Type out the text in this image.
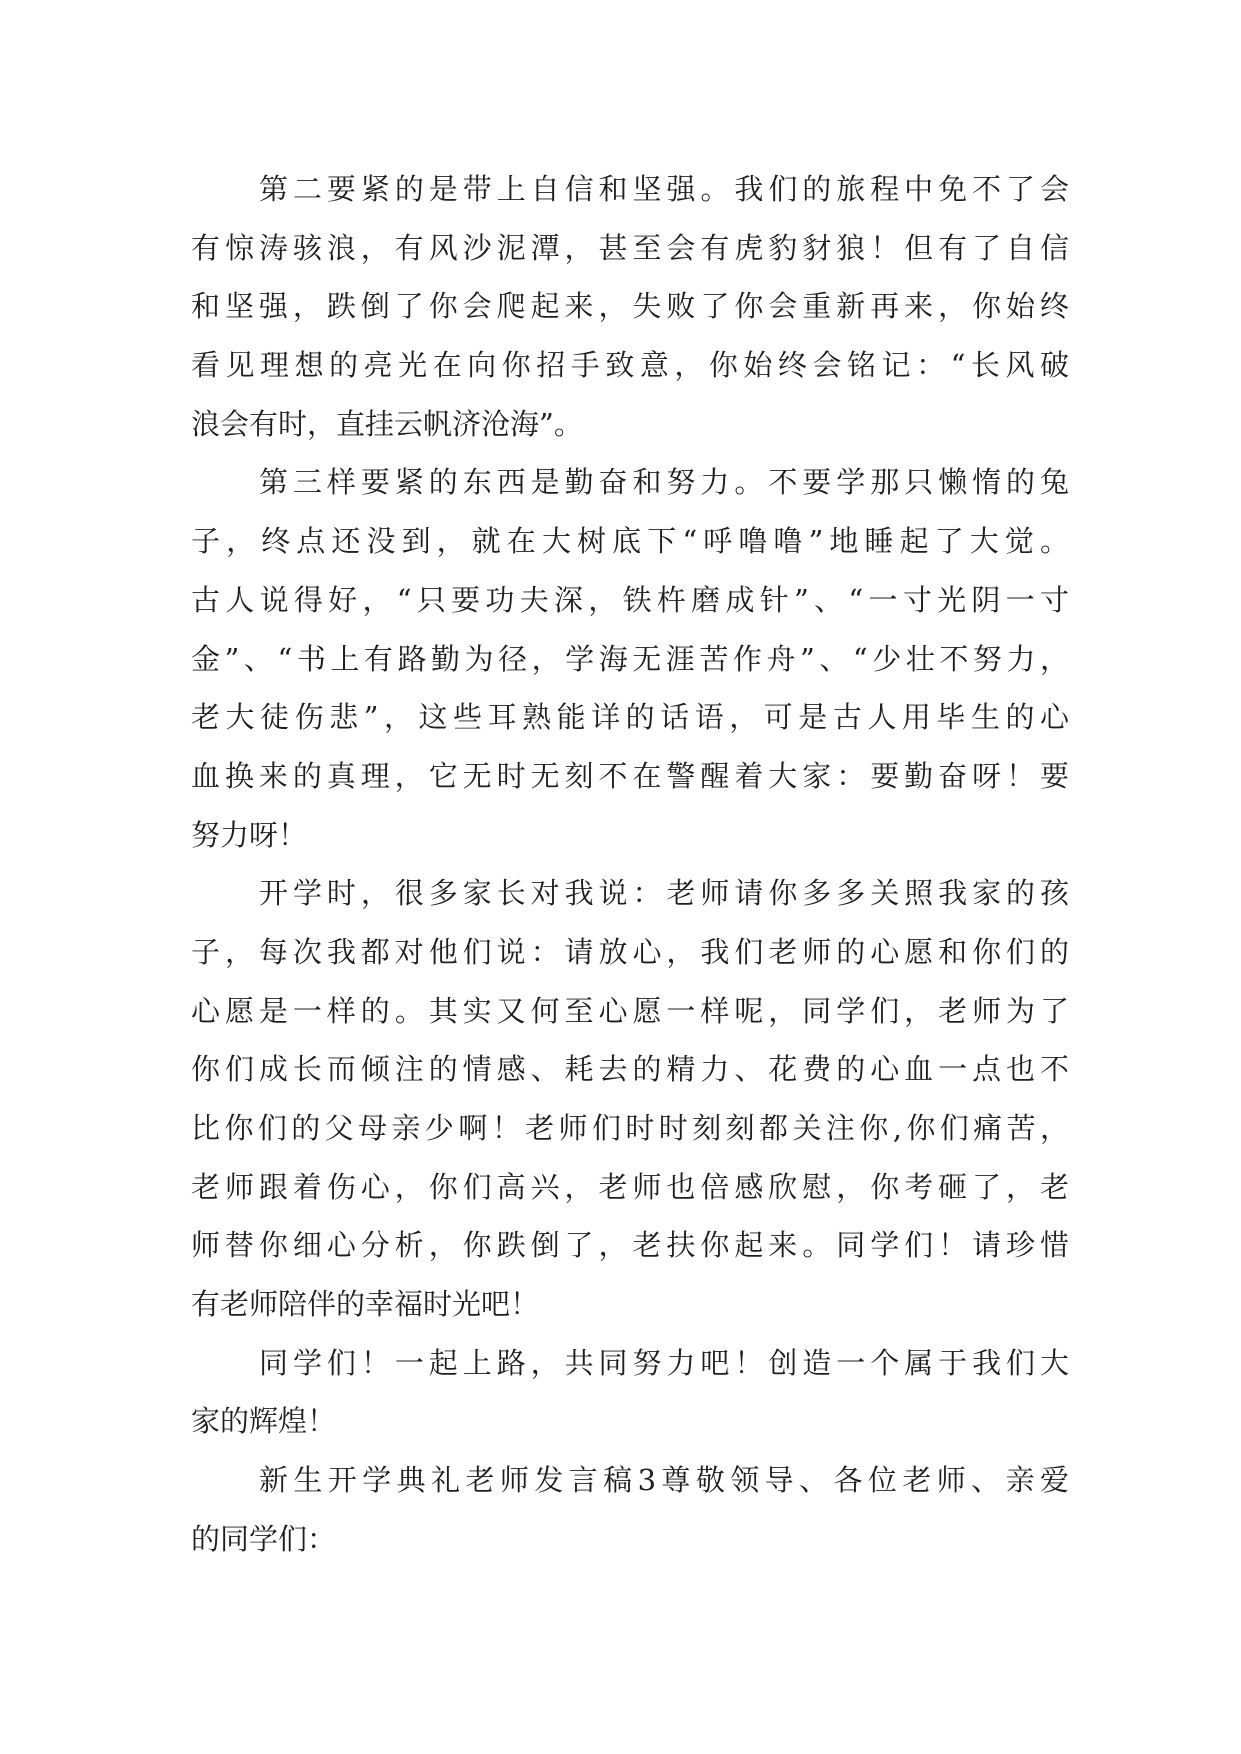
第二要紧的是带上自信和坚强。我们的旅程中免不了会
有惊涛骇浪，有风沙泥潭，甚至会有虎豹豺狼！但有了自信
和坚强，跌倒了你会爬起来，失败了你会重新再来，你始终
看见理想的亮光在向你招手致意，你始终会铭记：“长风破
浪会有时，直挂云帆济沧海”。
第三样要紧的东西是勤奋和努力。不要学那只懒惰的兔
子，终点还没到，就在大树底下“呼噜噜”地睡起了大觉。
古人说得好，“只要功夫深，铁杵磨成针”、“一寸光阴一寸
金”、“书上有路勤为径，学海无涯苦作舟”、“少壮不努力，
老大徒伤悲”，这些耳熟能详的话语，可是古人用毕生的心
血换来的真理，它无时无刻不在警醒着大家：要勤奋呀！要
努力呀！
开学时，很多家长对我说：老师请你多多关照我家的孩
子，每次我都对他们说：请放心，我们老师的心愿和你们的
心愿是一样的。其实又何至心愿一样呢，同学们，老师为了
你们成长而倾注的情感、耗去的精力、花费的心血一点也不
比你们的父母亲少啊！老师们时时刻刻都关注你,你们痛苦，
老师跟着伤心，你们高兴，老师也倍感欣慰，你考砸了，老
师替你细心分析，你跌倒了，老扶你起来。同学们！请珍惜
有老师陪伴的幸福时光吧！
同学们！一起上路，共同努力吧！创造一个属于我们大
家的辉煌！
新生开学典礼老师发言稿3尊敬领导、各位老师、亲爱
的同学们：
